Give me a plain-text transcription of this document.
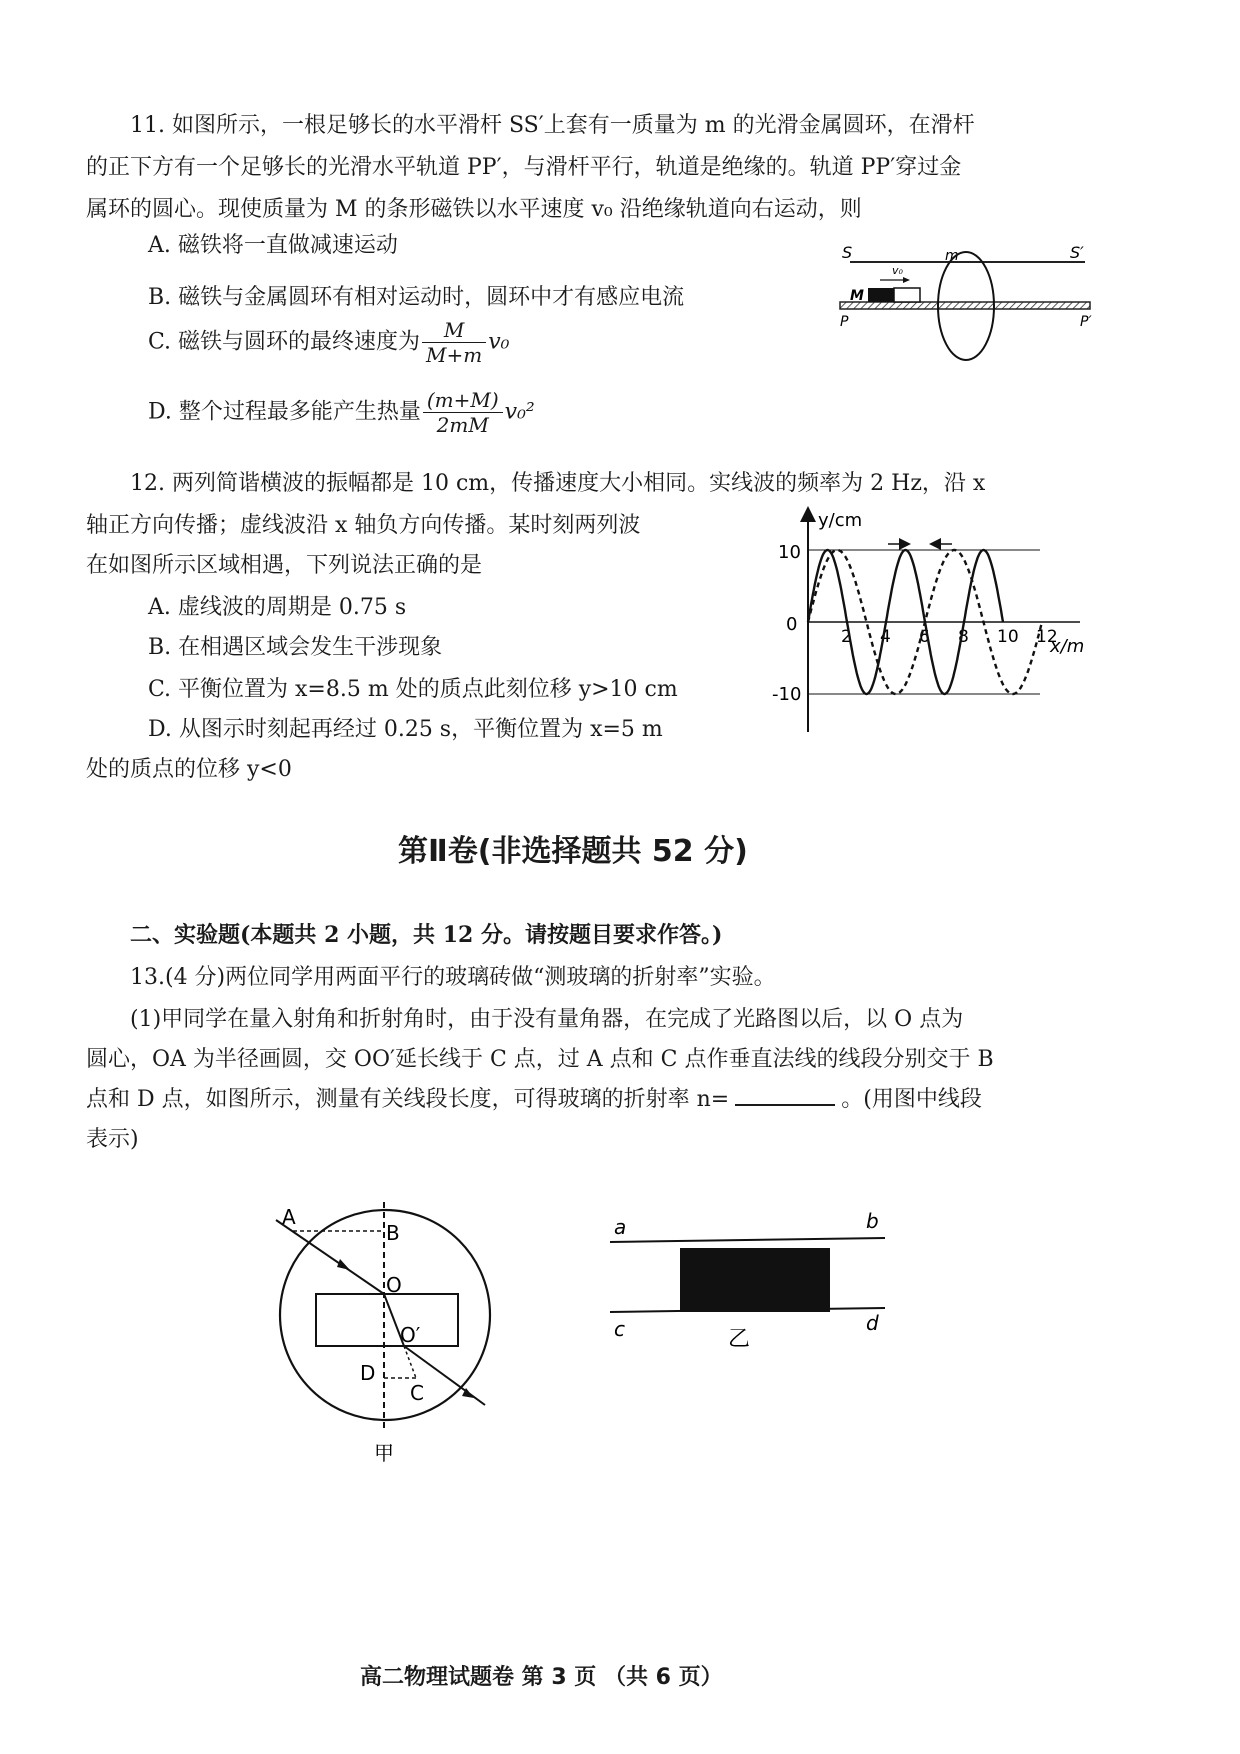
11. 如图所示，一根足够长的水平滑杆 SS′上套有一质量为 m 的光滑金属圆环，在滑杆
的正下方有一个足够长的光滑水平轨道 PP′，与滑杆平行，轨道是绝缘的。轨道 PP′穿过金
属环的圆心。现使质量为 M 的条形磁铁以水平速度 v₀ 沿绝缘轨道向右运动，则
A. 磁铁将一直做减速运动
B. 磁铁与金属圆环有相对运动时，圆环中才有感应电流
C. 磁铁与圆环的最终速度为 $\frac{M}{M+m} v_0$
D. 整个过程最多能产生热量 $\frac{(m+M)}{2mM} v_0^2$
S	m	S′
P	P′
M
v₀
12. 两列简谐横波的振幅都是 10 cm，传播速度大小相同。实线波的频率为 2 Hz，沿 x
轴正方向传播；虚线波沿 x 轴负方向传播。某时刻两列波
在如图所示区域相遇，下列说法正确的是
A. 虚线波的周期是 0.75 s
B. 在相遇区域会发生干涉现象
C. 平衡位置为 x=8.5 m 处的质点此刻位移 y>10 cm
D. 从图示时刻起再经过 0.25 s，平衡位置为 x=5 m
处的质点的位移 y<0
y/cm
x/m
10
0
-10
2 4 6 8 10 12
第Ⅱ卷(非选择题共 52 分)
二、实验题(本题共 2 小题，共 12 分。请按题目要求作答。)
13.(4 分)两位同学用两面平行的玻璃砖做“测玻璃的折射率”实验。
(1)甲同学在量入射角和折射角时，由于没有量角器，在完成了光路图以后，以 O 点为
圆心，OA 为半径画圆，交 OO′延长线于 C 点，过 A 点和 C 点作垂直法线的线段分别交于 B
点和 D 点，如图所示，测量有关线段长度，可得玻璃的折射率 n=	。(用图中线段
表示)
A
B
O
O′
D
C
甲
a	b
c	d
乙
高二物理试题卷 第 3 页 （共 6 页）
